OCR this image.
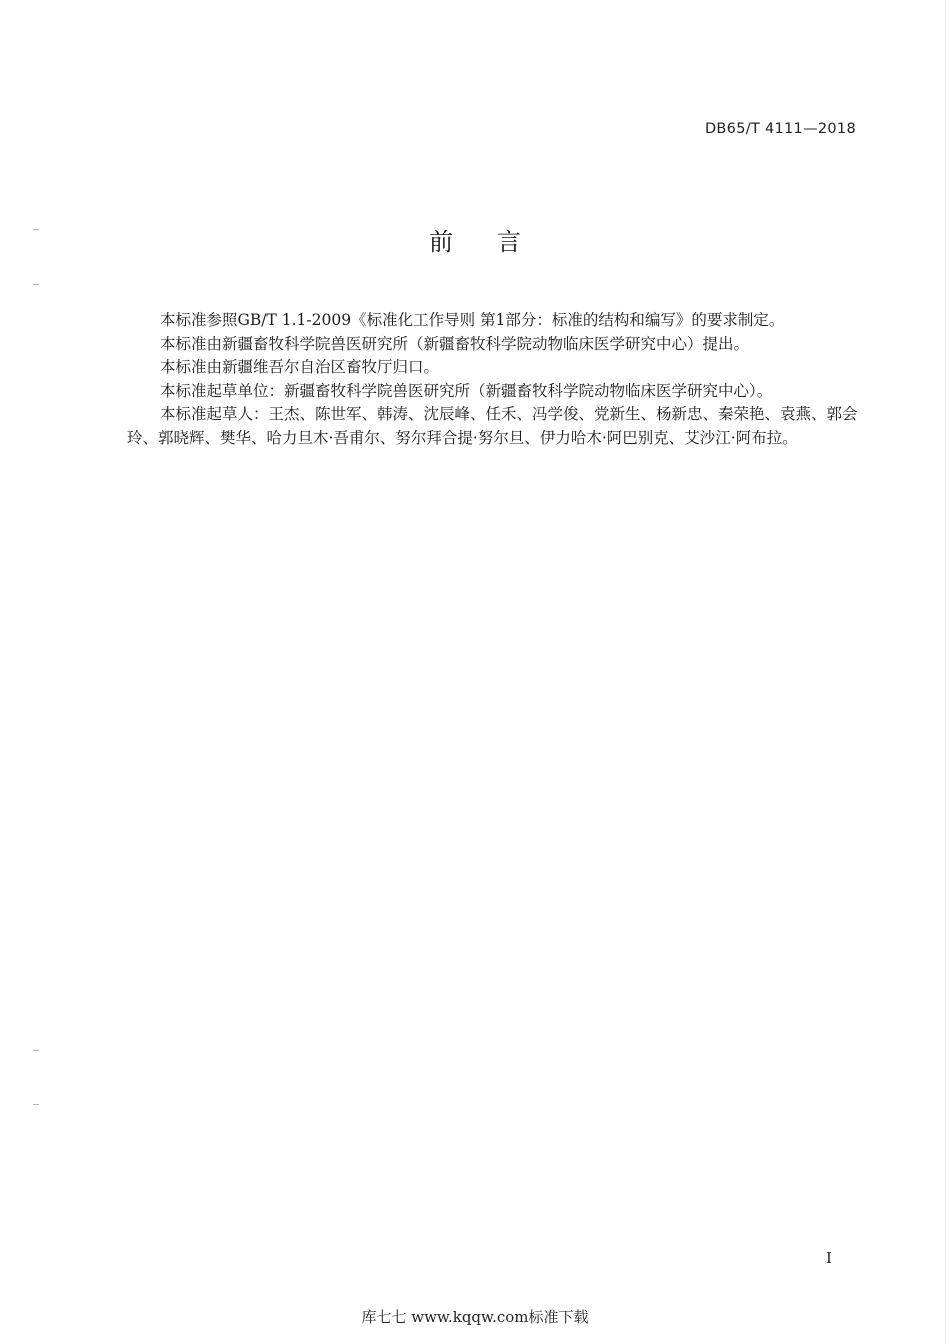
DB65/T 4111—2018
前言

本标准参照GB/T 1.1-2009《标准化工作导则 第1部分：标准的结构和编写》的要求制定。

本标准由新疆畜牧科学院兽医研究所（新疆畜牧科学院动物临床医学研究中心）提出。

本标准由新疆维吾尔自治区畜牧厅归口。

本标准起草单位：新疆畜牧科学院兽医研究所（新疆畜牧科学院动物临床医学研究中心）。

本标准起草人：王杰、陈世军、韩涛、沈辰峰、任禾、冯学俊、党新生、杨新忠、秦荣艳、袁燕、郭会玲、郭晓辉、樊华、哈力旦木·吾甫尔、努尔拜合提·努尔旦、伊力哈木·阿巴别克、艾沙江·阿布拉。

I
库七七 www.kqqw.com标准下载
